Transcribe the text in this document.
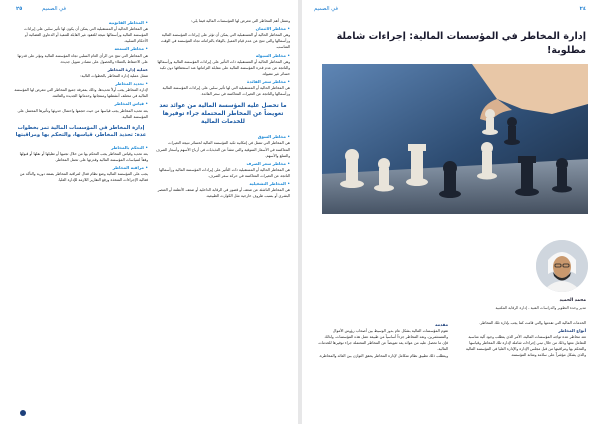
٢٥	في الصميم

وتتمثل أهم المخاطر التي تتعرض لها المؤسسات المالية فيما يلي:

• مخاطر الائتمان

وهي المخاطر الحالية أو المستقبلية التي يمكن أن تؤثر على إيرادات المؤسسة المالية ورأسمالها والتي تنتج عن عدم قيام العميل بالوفاء بالتزاماته تجاه المؤسسة في الوقت المناسب.

• مخاطر السيولة

وهي المخاطر الحالية أو المستقبلية ذات التأثير على إيرادات المؤسسة المالية ورأسمالها والناتجة عن عدم قدرة المؤسسة المالية على مقابلة التزاماتها عند استحقاقها دون تكبد خسائر غير مقبولة.

• مخاطر سعر الفائدة

هي المخاطر الحالية أو المستقبلية التي لها تأثير سلبي على إيرادات المؤسسة المالية ورأسمالها والناتجة عن التغيرات المعاكسة في سعر الفائدة.

ما تحصل عليه المؤسسة المالية من عوائد تعد تعويضاً عن المخاطر المحتملة جراء توفيرها للخدمات المالية
• مخاطر السوق

هي المخاطر التي تتمثل في إمكانية تكبد المؤسسة المالية لخسائر نتيجة التغيرات المعاكسة في الأسعار السوقية والتي تنشأ عن التذبذبات في أرباح الأسهم وأسعار الصرف والسلع والأسهم.

• مخاطر سعر الصرف

هي المخاطر الحالية أو المستقبلية ذات التأثير على إيرادات المؤسسة المالية ورأسمالها الناتجة عن التغيرات المعاكسة في حركة سعر الصرف.

• المخاطر التشغيلية

هي المخاطر الناشئة عن ضعف أو قصور في الرقابة الداخلية أو ضعف الأنظمة أو العنصر البشري أو بسبب ظروف خارجية مثل الكوارث الطبيعية.

• المخاطر القانونية

هي المخاطر الحالية أو المستقبلية التي يمكن أن يكون لها تأثير سلبي على إيرادات المؤسسة المالية ورأسمالها نتيجة للعقود غير القابلة للتنفيذ أو الدعاوى القضائية أو الأحكام السلبية.

• مخاطر السمعة

هي المخاطر التي تنتج عن الرأي العام السلبي تجاه المؤسسة المالية وتؤثر على قدرتها على الاحتفاظ بالعملاء والحصول على مصادر تمويل جديدة.

عملية إدارة المخاطر

تتمثل عملية إدارة المخاطر بالخطوات التالية:

• تحديد المخاطر

لإدارة المخاطر يجب أولاً تحديدها، وذلك بمعرفة جميع المخاطر التي تتعرض لها المؤسسة المالية في مختلف أنشطتها ومنتجاتها وخدماتها الجديدة والقائمة.

• قياس المخاطر

بعد تحديد المخاطر يجب قياسها من حيث حجمها واحتمال حدوثها وتأثيرها المحتمل على المؤسسة المالية.

إدارة المخاطر في المؤسسات المالية تمر بخطوات عدة: تحديد المخاطر، قياسها، والتحكم بها ومراقبتها
• التحكم بالمخاطر

بعد تحديد وقياس المخاطر يجب التحكم بها من خلال تجنبها أو تقليلها أو نقلها أو قبولها وفقاً لسياسات المؤسسة المالية وقدرتها على تحمل المخاطر.

• مراقبة المخاطر

يجب على المؤسسة المالية وضع نظام فعال لمراقبة المخاطر بصفة دورية والتأكد من فعالية الإجراءات المتخذة ورفع التقارير اللازمة للإدارة العليا.

في الصميم	٢٤
إدارة المخاطر في المؤسسات المالية: إجراءات شاملة مطلوبة!
محمد الحميد
مدير وحدة التطوير والدراسات الفنية - إدارة الرقابة المكتبية

الخدمات المالية التي تقدمها والتي قامت كما يجب بإدارة تلك المخاطر.

أنواع المخاطر

تعد مخاطر عدة تواجه المؤسسات المالية، الأمر الذي يتطلب وجود آلية مناسبة للتعامل معها وذلك من خلال تبني إجراءات شاملة لإدارة تلك المخاطر وقياسها والتحكم بها ومراقبتها من قبل مجلس الإدارة والإدارة العليا في المؤسسة المالية والذي يشكل مؤشراً على سلامة ومتانة المؤسسة.

مقدمة

تقوم المؤسسات المالية بشكل عام بدور الوسيط بين أصحاب رؤوس الأموال والمستثمرين، وتعد المخاطر جزءاً أساسياً من طبيعة عمل هذه المؤسسات، ولذلك فإن ما تحصل عليه من عوائد يعد تعويضاً عن المخاطر المحتملة جراء توفيرها للخدمات المالية.

ويتطلب ذلك تطبيق نظام متكامل لإدارة المخاطر يحقق التوازن بين العائد والمخاطرة.
